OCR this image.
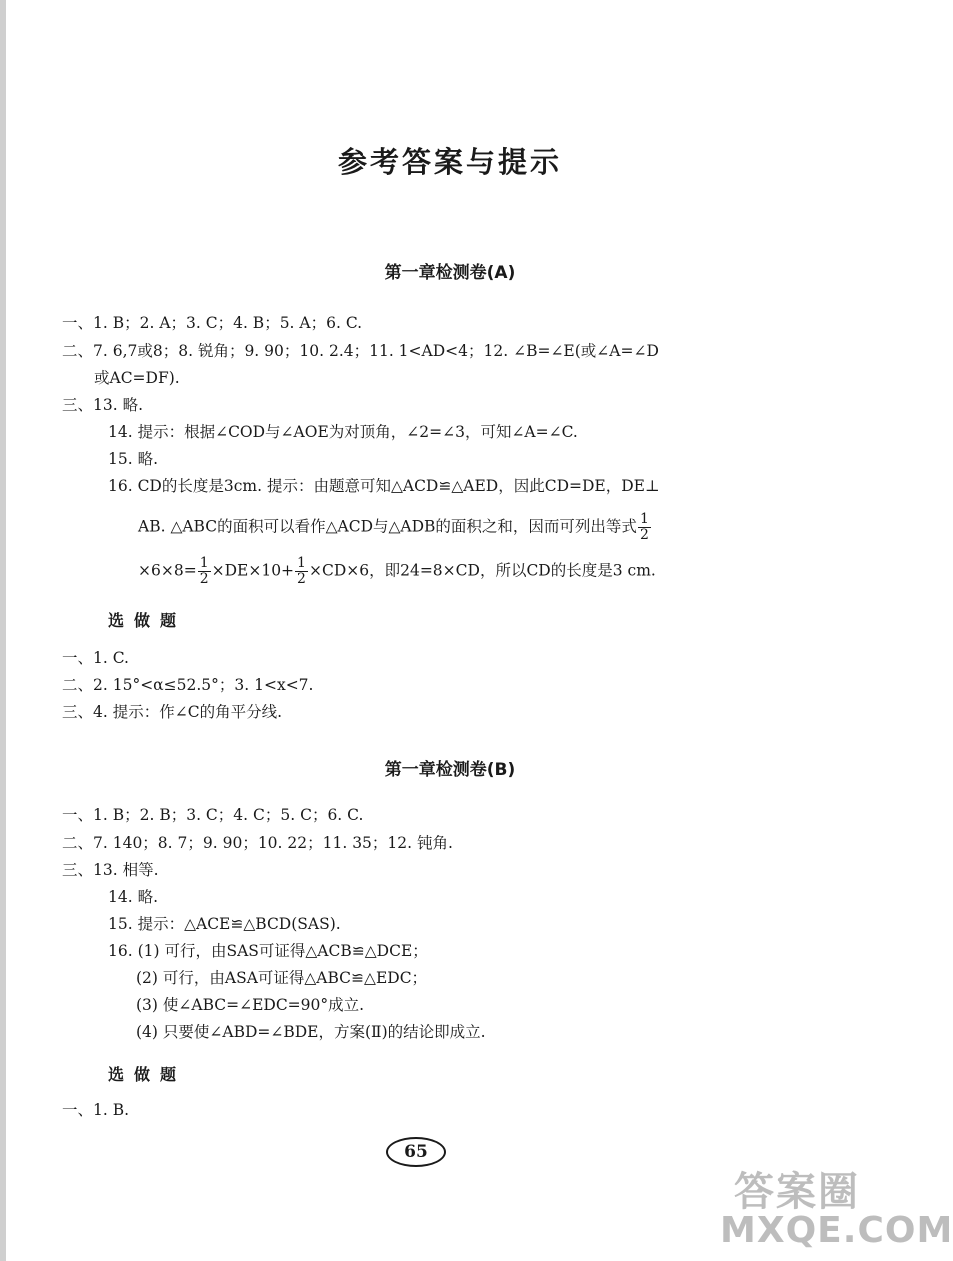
参考答案与提示
第一章检测卷(A)
一、1. B；2. A；3. C；4. B；5. A；6. C.
二、7. 6,7或8；8. 锐角；9. 90；10. 2.4；11. 1<AD<4；12. ∠B=∠E(或∠A=∠D
或AC=DF).
三、13. 略.
14. 提示：根据∠COD与∠AOE为对顶角，∠2=∠3，可知∠A=∠C.
15. 略.
16. CD的长度是3cm. 提示：由题意可知△ACD≌△AED，因此CD=DE，DE⊥
AB. △ABC的面积可以看作△ACD与△ADB的面积之和，因而可列出等式 $\frac{1}{2}$
$\times 6\times 8= \frac{1}{2} \times DE\times 10+ \frac{1}{2} \times CD\times 6$，即24=8×CD，所以CD的长度是3 cm.
选做题
一、1. C.
二、2. 15°<α≤52.5°；3. 1<x<7.
三、4. 提示：作∠C的角平分线.
第一章检测卷(B)
一、1. B；2. B；3. C；4. C；5. C；6. C.
二、7. 140；8. 7；9. 90；10. 22；11. 35；12. 钝角.
三、13. 相等.
14. 略.
15. 提示：△ACE≌△BCD(SAS).
16. (1) 可行，由SAS可证得△ACB≌△DCE；
(2) 可行，由ASA可证得△ABC≌△EDC；
(3) 使∠ABC=∠EDC=90°成立.
(4) 只要使∠ABD=∠BDE，方案(Ⅱ)的结论即成立.
选做题
一、1. B.
65
答案圈
MXQE.COM
